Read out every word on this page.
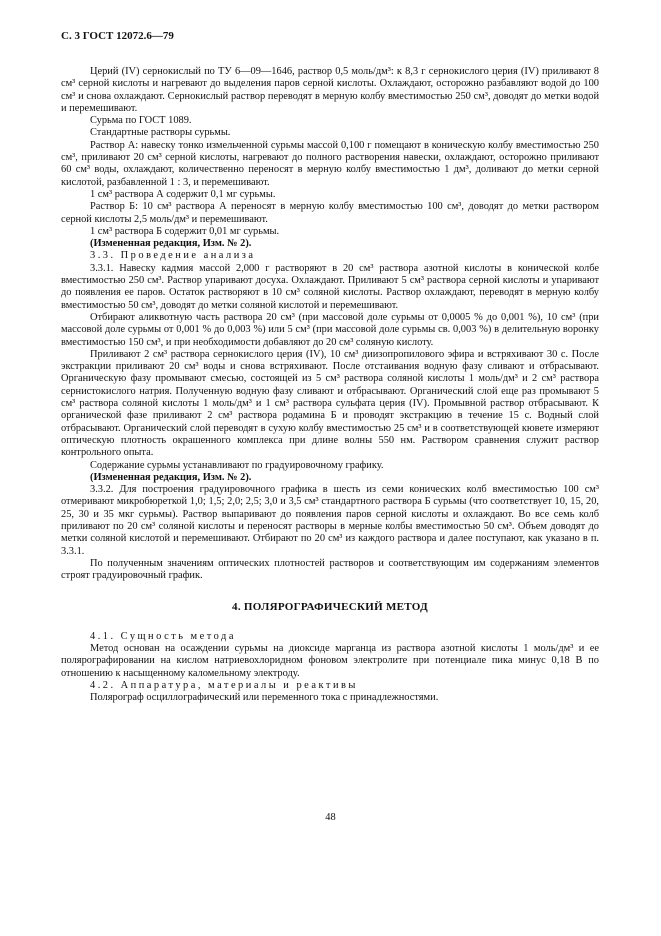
С. 3 ГОСТ 12072.6—79

Церий (IV) сернокислый по ТУ 6—09—1646, раствор 0,5 моль/дм³: к 8,3 г сернокислого церия (IV) приливают 8 см³ серной кислоты и нагревают до выделения паров серной кислоты. Охлаждают, осторожно разбавляют водой до 100 см³ и снова охлаждают. Сернокислый раствор переводят в мерную колбу вместимостью 250 см³, доводят до метки водой и перемешивают.

Сурьма по ГОСТ 1089.

Стандартные растворы сурьмы.

Раствор А: навеску тонко измельченной сурьмы массой 0,100 г помещают в коническую колбу вместимостью 250 см³, приливают 20 см³ серной кислоты, нагревают до полного растворения навески, охлаждают, осторожно приливают 60 см³ воды, охлаждают, количественно переносят в мерную колбу вместимостью 1 дм³, доливают до метки серной кислотой, разбавленной 1 : 3, и перемешивают.

1 см³ раствора А содержит 0,1 мг сурьмы.

Раствор Б: 10 см³ раствора А переносят в мерную колбу вместимостью 100 см³, доводят до метки раствором серной кислоты 2,5 моль/дм³ и перемешивают.

1 см³ раствора Б содержит 0,01 мг сурьмы.

(Измененная редакция, Изм. № 2).

3.3. Проведение анализа

3.3.1. Навеску кадмия массой 2,000 г растворяют в 20 см³ раствора азотной кислоты в конической колбе вместимостью 250 см³. Раствор упаривают досуха. Охлаждают. Приливают 5 см³ раствора серной кислоты и упаривают до появления ее паров. Остаток растворяют в 10 см³ соляной кислоты. Раствор охлаждают, переводят в мерную колбу вместимостью 50 см³, доводят до метки соляной кислотой и перемешивают.

Отбирают аликвотную часть раствора 20 см³ (при массовой доле сурьмы от 0,0005 % до 0,001 %), 10 см³ (при массовой доле сурьмы от 0,001 % до 0,003 %) или 5 см³ (при массовой доле сурьмы св. 0,003 %) в делительную воронку вместимостью 150 см³, и при необходимости добавляют до 20 см³ соляную кислоту.

Приливают 2 см³ раствора сернокислого церия (IV), 10 см³ диизопропилового эфира и встряхивают 30 с. После экстракции приливают 20 см³ воды и снова встряхивают. После отстаивания водную фазу сливают и отбрасывают. Органическую фазу промывают смесью, состоящей из 5 см³ раствора соляной кислоты 1 моль/дм³ и 2 см³ раствора сернистокислого натрия. Полученную водную фазу сливают и отбрасывают. Органический слой еще раз промывают 5 см³ раствора соляной кислоты 1 моль/дм³ и 1 см³ раствора сульфата церия (IV). Промывной раствор отбрасывают. К органической фазе приливают 2 см³ раствора родамина Б и проводят экстракцию в течение 15 с. Водный слой отбрасывают. Органический слой переводят в сухую колбу вместимостью 25 см³ и в соответствующей кювете измеряют оптическую плотность окрашенного комплекса при длине волны 550 нм. Раствором сравнения служит раствор контрольного опыта.

Содержание сурьмы устанавливают по градуировочному графику.

(Измененная редакция, Изм. № 2).

3.3.2. Для построения градуировочного графика в шесть из семи конических колб вместимостью 100 см³ отмеривают микробюреткой 1,0; 1,5; 2,0; 2,5; 3,0 и 3,5 см³ стандартного раствора Б сурьмы (что соответствует 10, 15, 20, 25, 30 и 35 мкг сурьмы). Раствор выпаривают до появления паров серной кислоты и охлаждают. Во все семь колб приливают по 20 см³ соляной кислоты и переносят растворы в мерные колбы вместимостью 50 см³. Объем доводят до метки соляной кислотой и перемешивают. Отбирают по 20 см³ из каждого раствора и далее поступают, как указано в п. 3.3.1.

По полученным значениям оптических плотностей растворов и соответствующим им содержаниям элементов строят градуировочный график.

4. ПОЛЯРОГРАФИЧЕСКИЙ МЕТОД

4.1. Сущность метода

Метод основан на осаждении сурьмы на диоксиде марганца из раствора азотной кислоты 1 моль/дм³ и ее полярографировании на кислом натриевохлоридном фоновом электролите при потенциале пика минус 0,18 В по отношению к насыщенному каломельному электроду.

4.2. Аппаратура, материалы и реактивы

Полярограф осциллографический или переменного тока с принадлежностями.

48
